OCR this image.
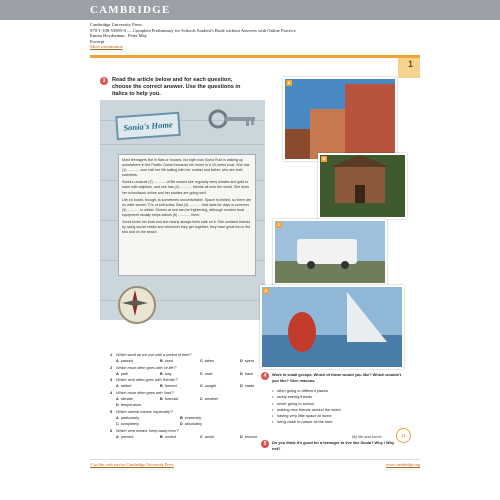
CAMBRIDGE
Cambridge University Press
978-1-108-53905-0 — Complete Preliminary for Schools Student's Book without Answers with Online Practice
Emma Heyderman , Peter May
Excerpt
More information
1
3	Read the article below and for each question, choose the correct answer. Use the questions in italics to help you.
Sonia's Home

Most teenagers live in flats or houses, but right now Sonia Ruiz is waking up somewhere in the Pacific Ocean because her home is a 20-metre boat. She has (1) ............ over half her life sailing with her mother and father, who are both scientists.

Sonia's unusual (2) ............ of life means she regularly sees whales and gets to swim with dolphins, and she has (3) ............ friends all over the world. She does her schoolwork online and her studies are going well.

Life on board, though, is sometimes uncomfortable. Space is limited, so there are no wide-screen TVs or soft sofas. Bad (4) ............ that lasts for days is common, (5) ............ in winter. Storms at sea can be frightening, although modern boat equipment usually helps sailors (6) ............ them.

Sonia loves her boat and she nearly always feels safe on it. She contacts friends by using social media and whenever they get together, they have great fun in the sea and on the beach.

A
B
C
D
1 Which word do we use with a period of time?
A passed	B used	C taken	D spent
2 Which noun often goes with 'of life'?
A path	B way	C road	D track
3 Which verb often goes with 'friends'?
A added	B formed	C caught	D made
4 Which noun often goes with 'bad'?
A climate	B forecast	C weather
D temperature
5 Which adverb means 'especially'?
A particularly	B extremely
C completely	D absolutely
6 Which verb means 'keep away from'?
A prevent	B control	C avoid	D remove
4	Work in small groups. Which of these would you like? Which wouldn't you like? Give reasons.
• often going to different places
• rarely seeing friends
• never going to school
• making new friends around the world
• having very little space at home
• living close to nature all the time
5	Do you think it's good for a teenager to live like Sonia? Why / Why not?
My life and home	11
© in this web service Cambridge University Press	www.cambridge.org
